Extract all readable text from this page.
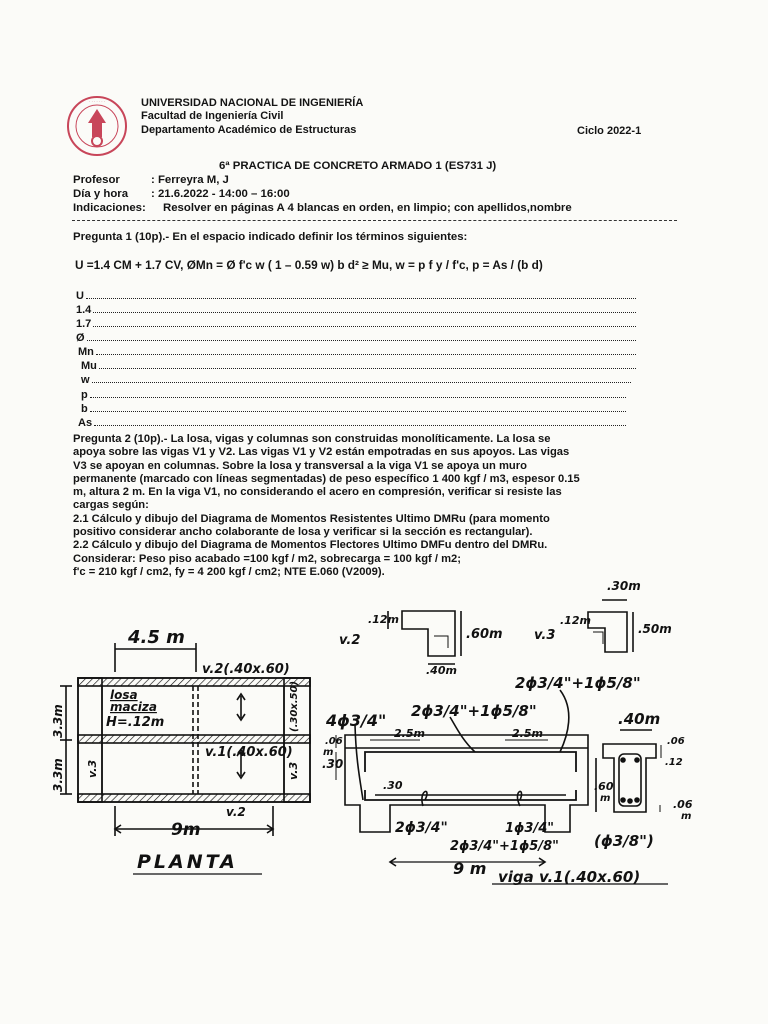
· · · · · · ·	UNIVERSIDAD NACIONAL DE INGENIERÍA
Facultad de Ingeniería Civil
Departamento Académico de Estructuras	Ciclo 2022-1
6ª PRACTICA DE CONCRETO ARMADO 1 (ES731 J)
Profesor	: Ferreyra M, J
Día y hora : 21.6.2022 - 14:00 – 16:00
Indicaciones: Resolver en páginas A 4 blancas en orden, en limpio; con apellidos,nombre
Pregunta 1 (10p).- En el espacio indicado definir los términos siguientes:
U =1.4 CM + 1.7 CV, ØMn = Ø f'c w ( 1 – 0.59 w) b d² ≥ Mu, w = p f y / f'c, p = As / (b d)
U
1.4
1.7
Ø
Mn
Mu
w
p
b
As
Pregunta 2 (10p).- La losa, vigas y columnas son construidas monolíticamente. La losa se
apoya sobre las vigas V1 y V2. Las vigas V1 y V2 están empotradas en sus apoyos. Las vigas
V3 se apoyan en columnas. Sobre la losa y transversal a la viga V1 se apoya un muro
permanente (marcado con líneas segmentadas) de peso específico 1 400 kgf / m3, espesor 0.15
m, altura 2 m. En la viga V1, no considerando el acero en compresión, verificar si resiste las
cargas según:
2.1 Cálculo y dibujo del Diagrama de Momentos Resistentes Ultimo DMRu (para momento
positivo considerar ancho colaborante de losa y verificar si la sección es rectangular).
2.2 Cálculo y dibujo del Diagrama de Momentos Flectores Ultimo DMFu dentro del DMRu.
Considerar: Peso piso acabado =100 kgf / m2, sobrecarga = 100 kgf / m2;
f'c = 210 kgf / cm2, fy = 4 200 kgf / cm2; NTE E.060 (V2009).
4.5 m
v.2(.40x.60)
losa
maciza
H=.12m
v.1(.40x.60)
v.3	v.3
(.30x.50)
3.3m
3.3m
v.2
9m
PLANTA
v.2
.12m
.60m
.40m
.30m
v.3
.12m
.50m
4ϕ3/4" 2ϕ3/4"+1ϕ5/8"
2ϕ3/4"+1ϕ5/8"
.06
m
.30
.30
2.5m	2.5m
2ϕ3/4"
2ϕ3/4"+1ϕ5/8"
1ϕ3/4"
9 m viga v.1(.40x.60)
.40m
.60
m
.06
.12
.06
m
(ϕ3/8")
